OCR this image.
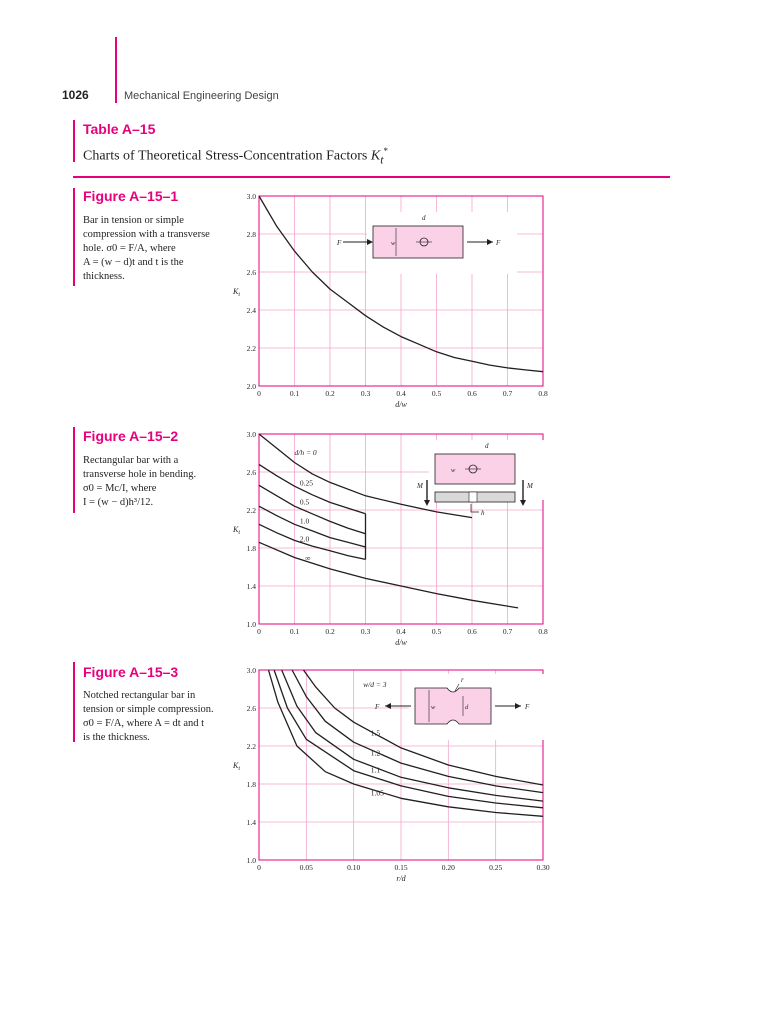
1026	Mechanical Engineering Design
Table A–15
Charts of Theoretical Stress-Concentration Factors $K_t^*$
Figure A–15–1
Bar in tension or simple
compression with a transverse
hole. σ0 = F/A, where
A = (w − d)t and t is the
thickness.
0	0.1	0.2	0.3	0.4	0.5	0.6	0.7	0.8
2.0
2.2
2.4
2.6
2.8
3.0
d/w
$K_t$
F	F
d
w
Figure A–15–2
Rectangular bar with a
transverse hole in bending.
σ0 = Mc/I, where
I = (w − d)h³/12.
0	0.1	0.2	0.3	0.4	0.5	0.6	0.7	0.8
1.0
1.4
1.8
2.2
2.6
3.0
d/w
$K_t$
d/h = 0
0.25
0.5
1.0
2.0
∞
d
w
M	M
h
Figure A–15–3
Notched rectangular bar in
tension or simple compression.
σ0 = F/A, where A = dt and t
is the thickness.
0	0.05	0.10	0.15	0.20	0.25	0.30
1.0
1.4
1.8
2.2
2.6
3.0
r/d
$K_t$
w/d = 3
1.5
1.2
1.1
1.05
F	F
r
w	d
